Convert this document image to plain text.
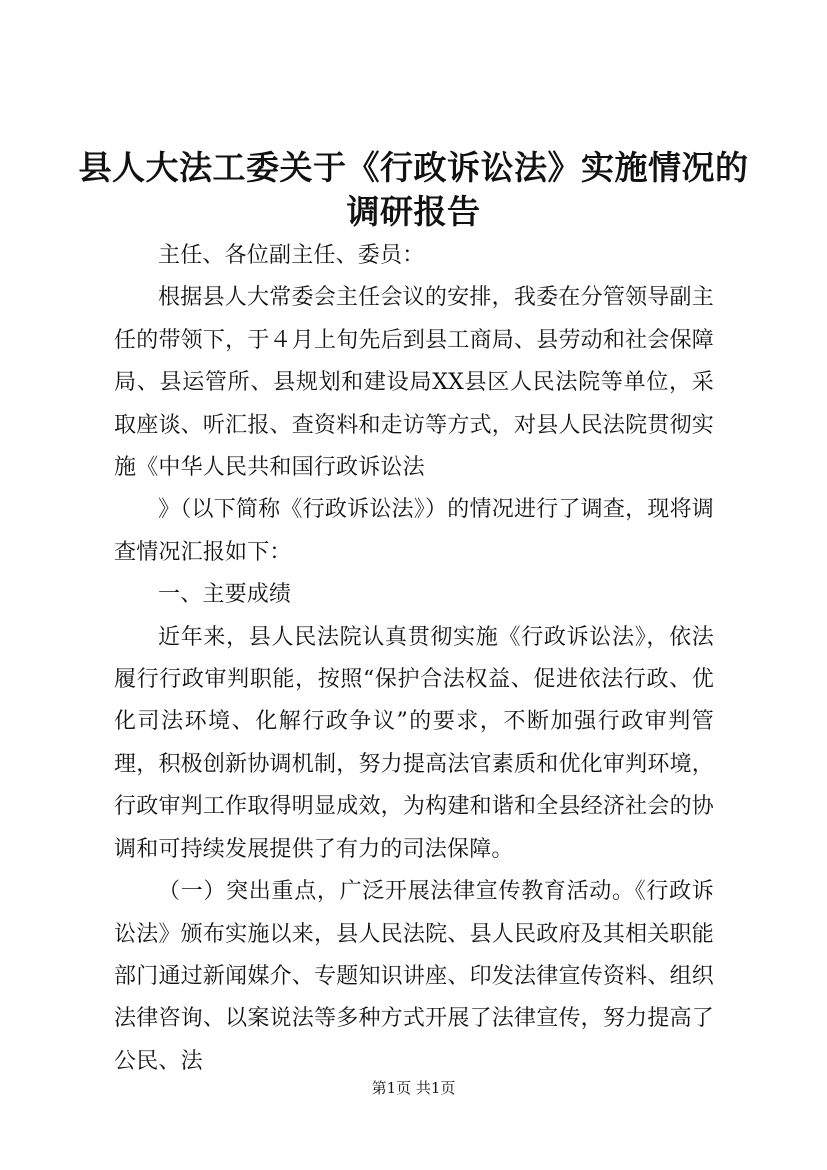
县人大法工委关于《行政诉讼法》实施情况的
调研报告

主任、各位副主任、委员：

根据县人大常委会主任会议的安排，我委在分管领导副主任的带领下，于４月上旬先后到县工商局、县劳动和社会保障局、县运管所、县规划和建设局XX县区人民法院等单位，采取座谈、听汇报、查资料和走访等方式，对县人民法院贯彻实施《中华人民共和国行政诉讼法

》（以下简称《行政诉讼法》）的情况进行了调查，现将调查情况汇报如下：

一、主要成绩

近年来，县人民法院认真贯彻实施《行政诉讼法》，依法履行行政审判职能，按照“保护合法权益、促进依法行政、优化司法环境、化解行政争议”的要求，不断加强行政审判管理，积极创新协调机制，努力提高法官素质和优化审判环境，行政审判工作取得明显成效，为构建和谐和全县经济社会的协调和可持续发展提供了有力的司法保障。

（一）突出重点，广泛开展法律宣传教育活动。《行政诉讼法》颁布实施以来，县人民法院、县人民政府及其相关职能部门通过新闻媒介、专题知识讲座、印发法律宣传资料、组织法律咨询、以案说法等多种方式开展了法律宣传，努力提高了公民、法

第1页 共1页
